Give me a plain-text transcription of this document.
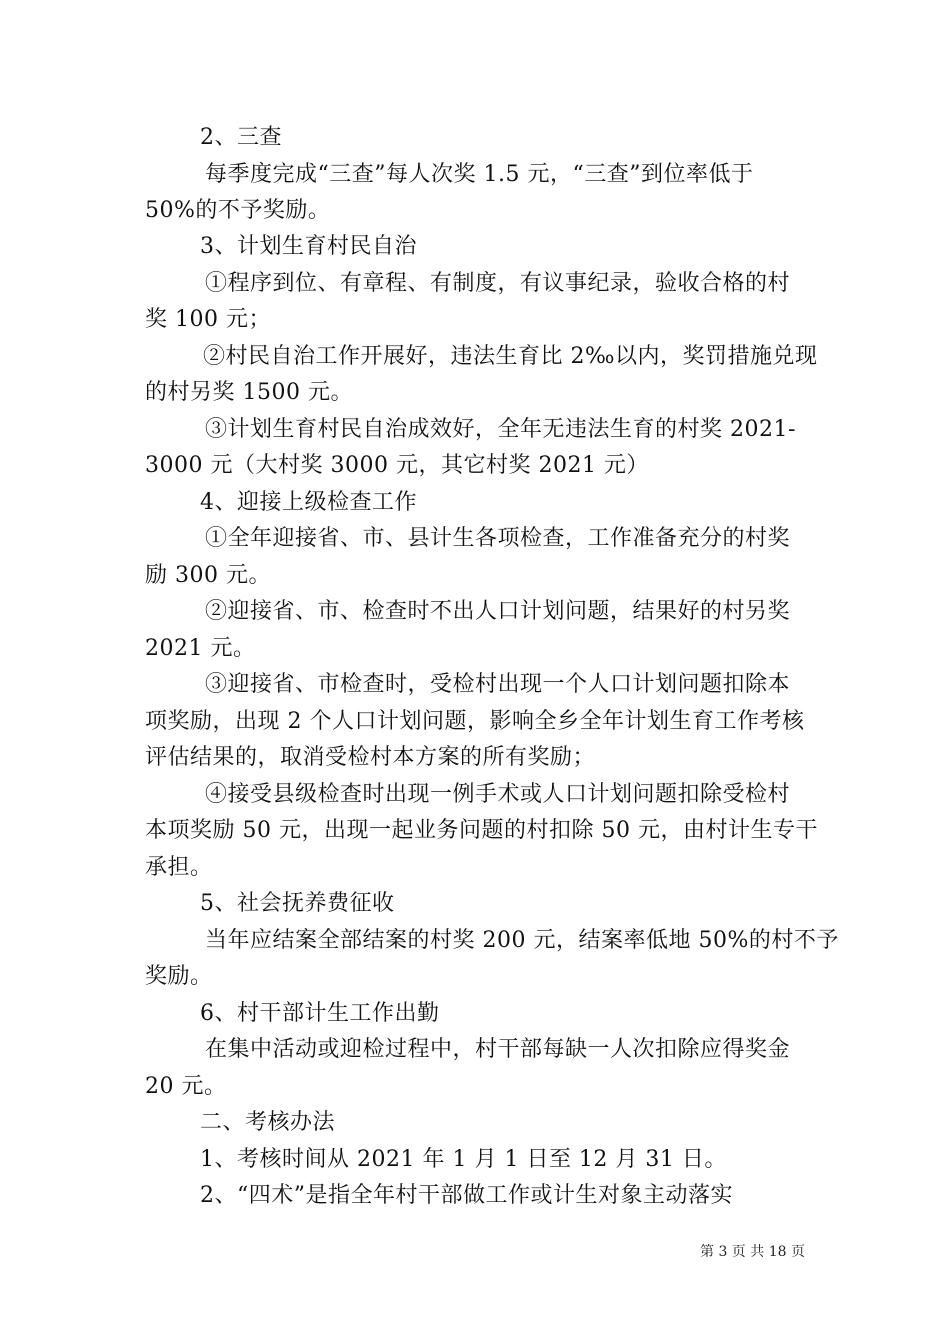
2、三查
每季度完成“三查”每人次奖 1.5 元，“三查”到位率低于
50%的不予奖励。
3、计划生育村民自治
①程序到位、有章程、有制度，有议事纪录，验收合格的村
奖 100 元；
②村民自治工作开展好，违法生育比 2‰以内，奖罚措施兑现
的村另奖 1500 元。
③计划生育村民自治成效好，全年无违法生育的村奖 2021-
3000 元（大村奖 3000 元，其它村奖 2021 元）
4、迎接上级检查工作
①全年迎接省、市、县计生各项检查，工作准备充分的村奖
励 300 元。
②迎接省、市、检查时不出人口计划问题，结果好的村另奖
2021 元。
③迎接省、市检查时，受检村出现一个人口计划问题扣除本
项奖励，出现 2 个人口计划问题，影响全乡全年计划生育工作考核
评估结果的，取消受检村本方案的所有奖励；
④接受县级检查时出现一例手术或人口计划问题扣除受检村
本项奖励 50 元，出现一起业务问题的村扣除 50 元，由村计生专干
承担。
5、社会抚养费征收
当年应结案全部结案的村奖 200 元，结案率低地 50%的村不予
奖励。
6、村干部计生工作出勤
在集中活动或迎检过程中，村干部每缺一人次扣除应得奖金
20 元。
二、考核办法
1、考核时间从 2021 年 1 月 1 日至 12 月 31 日。
2、“四术”是指全年村干部做工作或计生对象主动落实
第 3 页 共 18 页
